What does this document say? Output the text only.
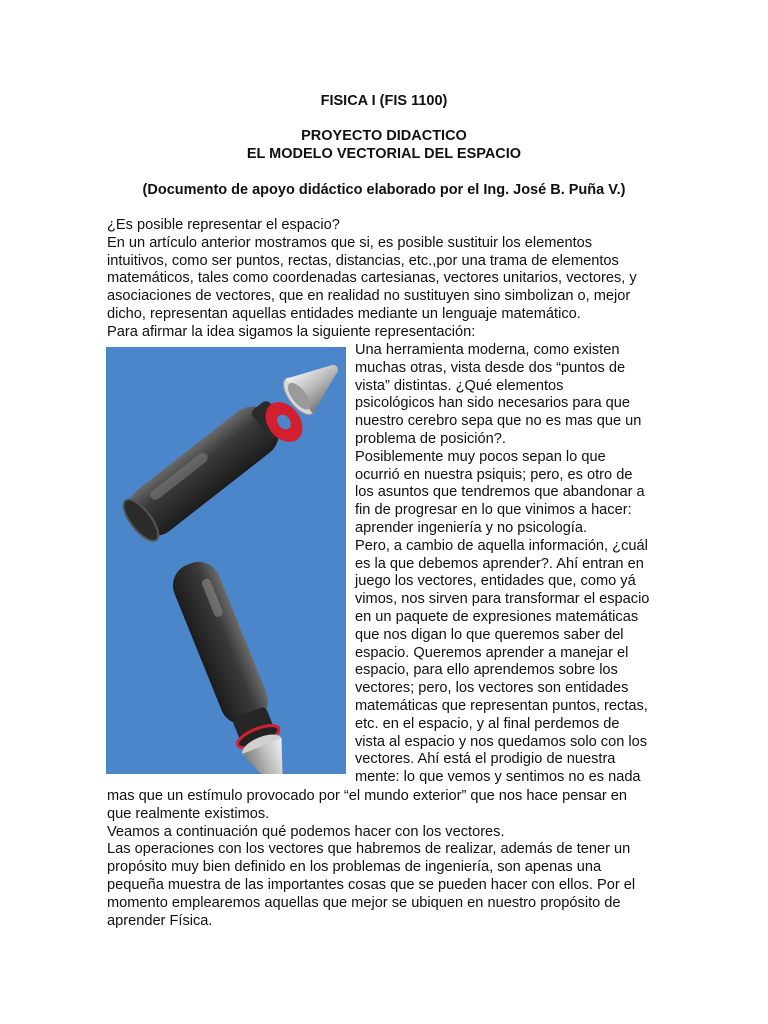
FISICA I (FIS 1100)
PROYECTO DIDACTICO
EL MODELO VECTORIAL DEL ESPACIO
(Documento de apoyo didáctico elaborado por el Ing. José B. Puña V.)
¿Es posible representar el espacio?
En un artículo anterior mostramos que si, es posible sustituir los elementos
intuitivos, como ser puntos, rectas, distancias, etc.,por una trama de elementos
matemáticos, tales como coordenadas cartesianas, vectores unitarios, vectores, y
asociaciones de vectores, que en realidad no sustituyen sino simbolizan o, mejor
dicho, representan aquellas entidades mediante un lenguaje matemático.
Para afirmar la idea sigamos la siguiente representación:
Una herramienta moderna, como existen
muchas otras, vista desde dos “puntos de
vista” distintas. ¿Qué elementos
psicológicos han sido necesarios para que
nuestro cerebro sepa que no es mas que un
problema de posición?.
Posiblemente muy pocos sepan lo que
ocurrió en nuestra psiquis; pero, es otro de
los asuntos que tendremos que abandonar a
fin de progresar en lo que vinimos a hacer:
aprender ingeniería y no psicología.
Pero, a cambio de aquella información, ¿cuál
es la que debemos aprender?. Ahí entran en
juego los vectores, entidades que, como yá
vimos, nos sirven para transformar el espacio
en un paquete de expresiones matemáticas
que nos digan lo que queremos saber del
espacio. Queremos aprender a manejar el
espacio, para ello aprendemos sobre los
vectores; pero, los vectores son entidades
matemáticas que representan puntos, rectas,
etc. en el espacio, y al final perdemos de
vista al espacio y nos quedamos solo con los
vectores. Ahí está el prodigio de nuestra
mente: lo que vemos y sentimos no es nada
mas que un estímulo provocado por “el mundo exterior” que nos hace pensar en
que realmente existimos.
Veamos a continuación qué podemos hacer con los vectores.
Las operaciones con los vectores que habremos de realizar, además de tener un
propósito muy bien definido en los problemas de ingeniería, son apenas una
pequeña muestra de las importantes cosas que se pueden hacer con ellos. Por el
momento emplearemos aquellas que mejor se ubiquen en nuestro propósito de
aprender Física.
